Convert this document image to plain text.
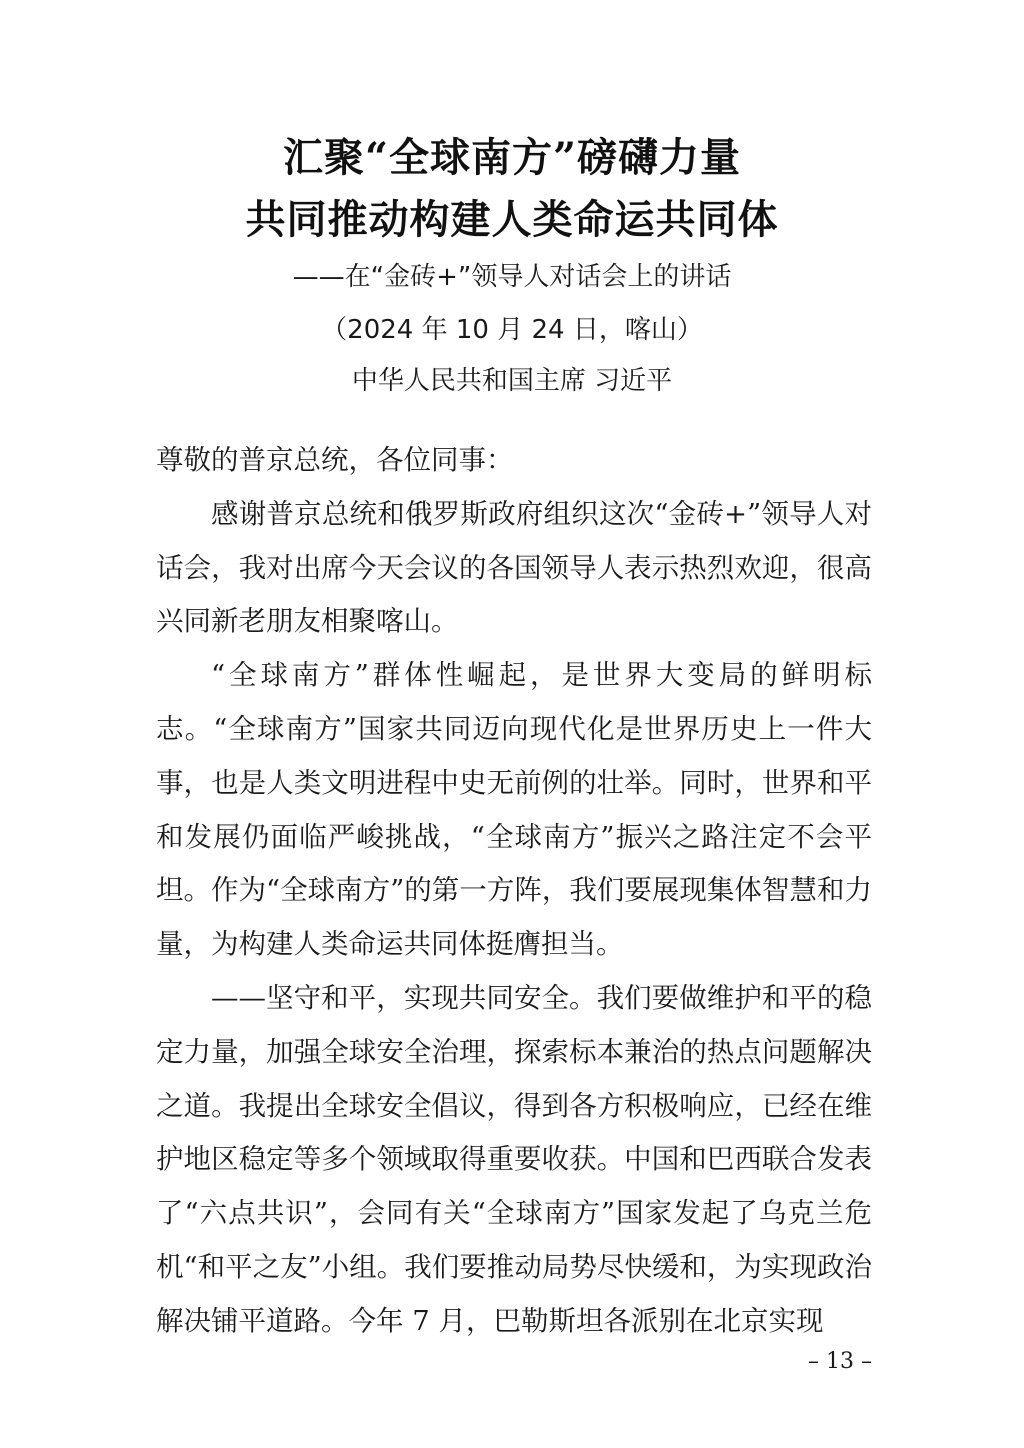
汇聚“全球南方”磅礴力量
共同推动构建人类命运共同体
——在“金砖+”领导人对话会上的讲话
（2024 年 10 月 24 日，喀山）
中华人民共和国主席 习近平

尊敬的普京总统，各位同事：

感谢普京总统和俄罗斯政府组织这次“金砖+”领导人对话会，我对出席今天会议的各国领导人表示热烈欢迎，很高兴同新老朋友相聚喀山。

“全球南方”群体性崛起，是世界大变局的鲜明标志。“全球南方”国家共同迈向现代化是世界历史上一件大事，也是人类文明进程中史无前例的壮举。同时，世界和平和发展仍面临严峻挑战，“全球南方”振兴之路注定不会平坦。作为“全球南方”的第一方阵，我们要展现集体智慧和力量，为构建人类命运共同体挺膺担当。

——坚守和平，实现共同安全。我们要做维护和平的稳定力量，加强全球安全治理，探索标本兼治的热点问题解决之道。我提出全球安全倡议，得到各方积极响应，已经在维护地区稳定等多个领域取得重要收获。中国和巴西联合发表了“六点共识”，会同有关“全球南方”国家发起了乌克兰危机“和平之友”小组。我们要推动局势尽快缓和，为实现政治解决铺平道路。今年 7 月，巴勒斯坦各派别在北京实现

– 13 –
